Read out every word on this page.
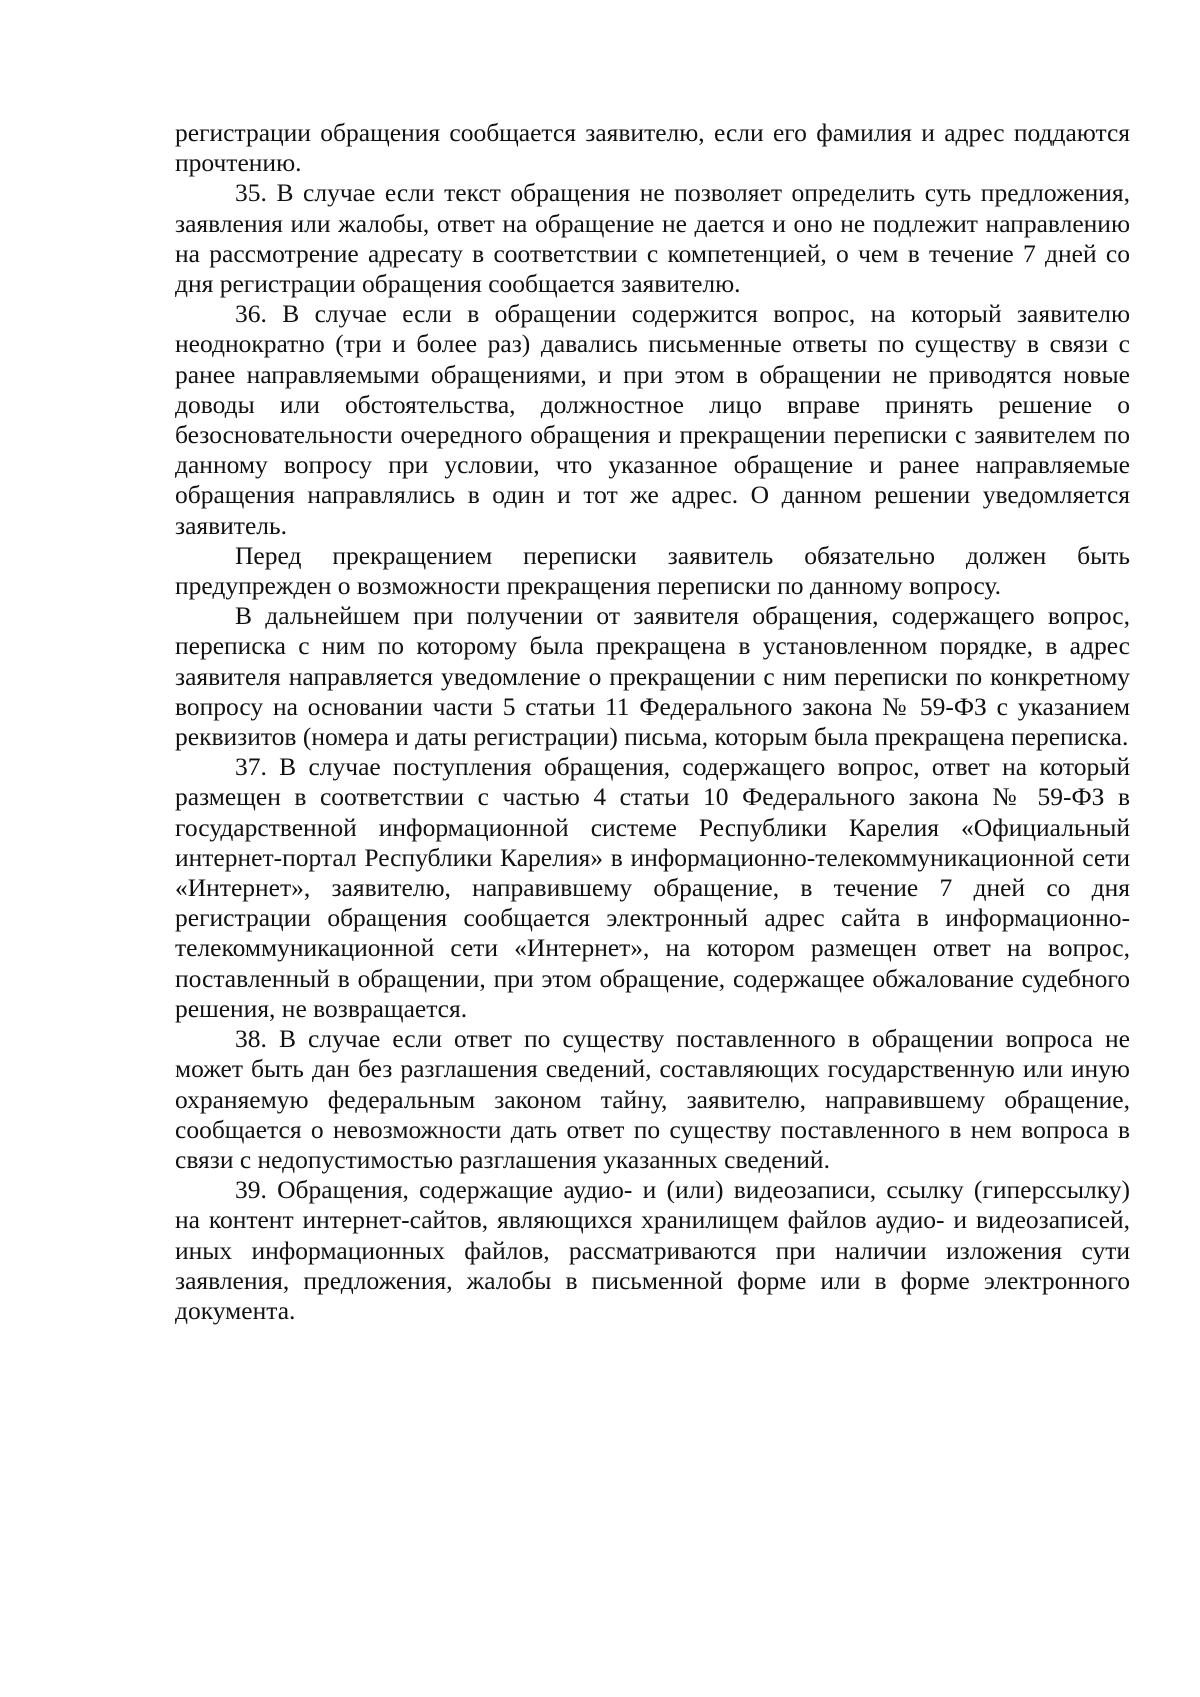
регистрации обращения сообщается заявителю, если его фамилия и адрес поддаются прочтению.

35. В случае если текст обращения не позволяет определить суть предложения, заявления или жалобы, ответ на обращение не дается и оно не подлежит направлению на рассмотрение адресату в соответствии с компетенцией, о чем в течение 7 дней со дня регистрации обращения сообщается заявителю.

36. В случае если в обращении содержится вопрос, на который заявителю неоднократно (три и более раз) давались письменные ответы по существу в связи с ранее направляемыми обращениями, и при этом в обращении не приводятся новые доводы или обстоятельства, должностное лицо вправе принять решение о безосновательности очередного обращения и прекращении переписки с заявителем по данному вопросу при условии, что указанное обращение и ранее направляемые обращения направлялись в один и тот же адрес. О данном решении уведомляется заявитель.

Перед прекращением переписки заявитель обязательно должен быть предупрежден о возможности прекращения переписки по данному вопросу.

В дальнейшем при получении от заявителя обращения, содержащего вопрос, переписка с ним по которому была прекращена в установленном порядке, в адрес заявителя направляется уведомление о прекращении с ним переписки по конкретному вопросу на основании части 5 статьи 11 Федерального закона № 59-ФЗ с указанием реквизитов (номера и даты регистрации) письма, которым была прекращена переписка.

37. В случае поступления обращения, содержащего вопрос, ответ на который размещен в соответствии с частью 4 статьи 10 Федерального закона № 59-ФЗ в государственной информационной системе Республики Карелия «Официальный интернет-портал Республики Карелия» в информационно-телекоммуникационной сети «Интернет», заявителю, направившему обращение, в течение 7 дней со дня регистрации обращения сообщается электронный адрес сайта в информационно-телекоммуникационной сети «Интернет», на котором размещен ответ на вопрос, поставленный в обращении, при этом обращение, содержащее обжалование судебного решения, не возвращается.

38. В случае если ответ по существу поставленного в обращении вопроса не может быть дан без разглашения сведений, составляющих государственную или иную охраняемую федеральным законом тайну, заявителю, направившему обращение, сообщается о невозможности дать ответ по существу поставленного в нем вопроса в связи с недопустимостью разглашения указанных сведений.

39. Обращения, содержащие аудио- и (или) видеозаписи, ссылку (гиперссылку) на контент интернет-сайтов, являющихся хранилищем файлов аудио- и видеозаписей, иных информационных файлов, рассматриваются при наличии изложения сути заявления, предложения, жалобы в письменной форме или в форме электронного документа.
